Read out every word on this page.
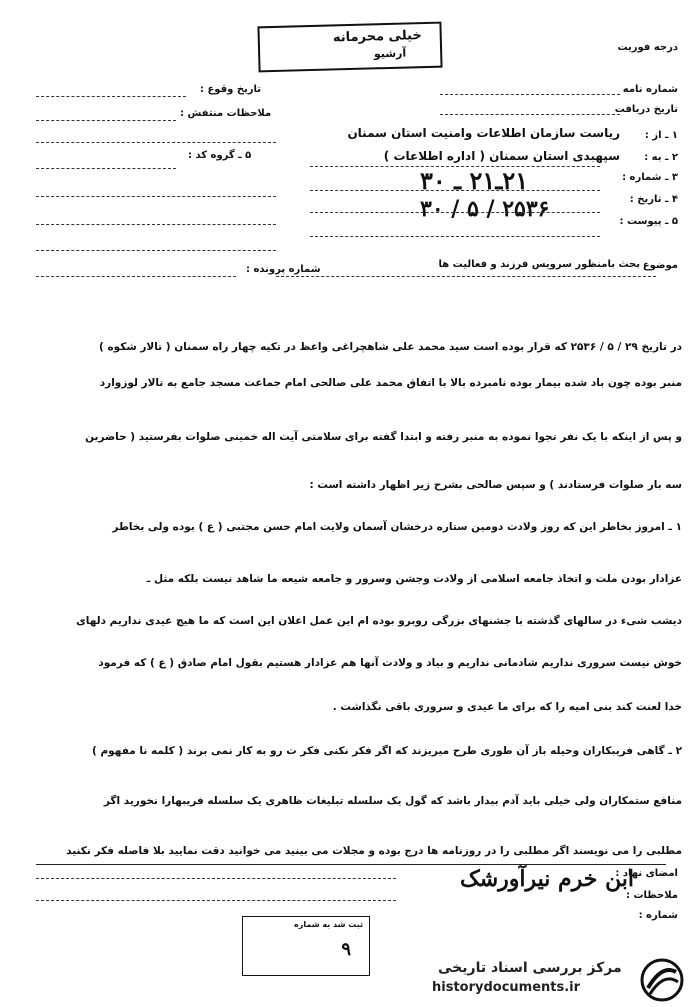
خیلی محرمانه
آرشیو	درجه فوریت
تاریخ وقوع :
ملاحظات منتفش :
۵ ـ گروه کد :
شماره پرونده :
شماره نامه
تاریخ دریافت
۱ ـ از :
ریاست سازمان اطلاعات وامنیت استان سمنان
۲ ـ به :
سپهبدی استان سمنان ( اداره اطلاعات )
۳ ـ شماره :
۲۱ـ۲۱ ـ ۳۰
۴ ـ تاریخ :
۲۵۳۶ / ۵ / ۳۰	۵ ـ پیوست :
موضوع
بحث بامنظور سرویس فرزند و فعالیت ها
در تاریخ ۲۹ / ۵ / ۲۵۳۶ که قرار بوده است سید محمد علی شاهچراغی واعظ در تکیه چهار راه سمنان ( تالار شکوه )
منبر بوده چون باد شده بیمار بوده نامبرده بالا با اتفاق محمد علی صالحی امام جماعت مسجد جامع به تالار لوزوارد
و پس از اینکه با یک نفر تجوا نموده به منبر رفته و ابتدا گفته برای سلامتی آیت اله خمینی صلوات بفرستید ( حاضرین
سه بار صلوات فرستادند ) و سپس صالحی بشرح زیر اظهار داشته است :
۱ ـ امروز بخاطر این که روز ولادت دومین ستاره درخشان آسمان ولایت امام حسن مجتبی ( ع ) بوده ولی بخاطر
عزادار بودن ملت و اتخاذ جامعه اسلامی از ولادت وجشن وسرور و جامعه شیعه ما شاهد نیست بلکه مثل ـ
دیشب شیء در سالهای گذشته با جشنهای بزرگی روبرو بوده ام این عمل اعلان این است که ما هیچ عیدی نداریم دلهای
خوش نیست سروری نداریم شادمانی نداریم و بیاد و ولادت آنها هم عزادار هستیم بقول امام صادق ( ع ) که فرمود
خدا لعنت کند بنی امیه را که برای ما عیدی و سروری باقی نگذاشت .
۲ ـ گاهی فریبکاران وحیله باز آن طوری طرح میریزند که اگر فکر نکنی فکر ت رو به کار نمی برند ( کلمه نا مفهوم )
منافع ستمکاران ولی خیلی باید آدم بیدار باشد که گول یک سلسله تبلیغات ظاهری یک سلسله فریبهارا نخورید اگر
مطلبی را می نویسند اگر مطلبی را در روزنامه ها درج بوده و مجلات می بینید می خوانید دقت نمایید بلا فاصله فکر نکنید
امضای نهاد :
ملاحظات :
ابن خرم نیرآورشک
شماره :
ثبت شد به شماره
۹
مرکز بررسی اسناد تاریخی
historydocuments.ir
